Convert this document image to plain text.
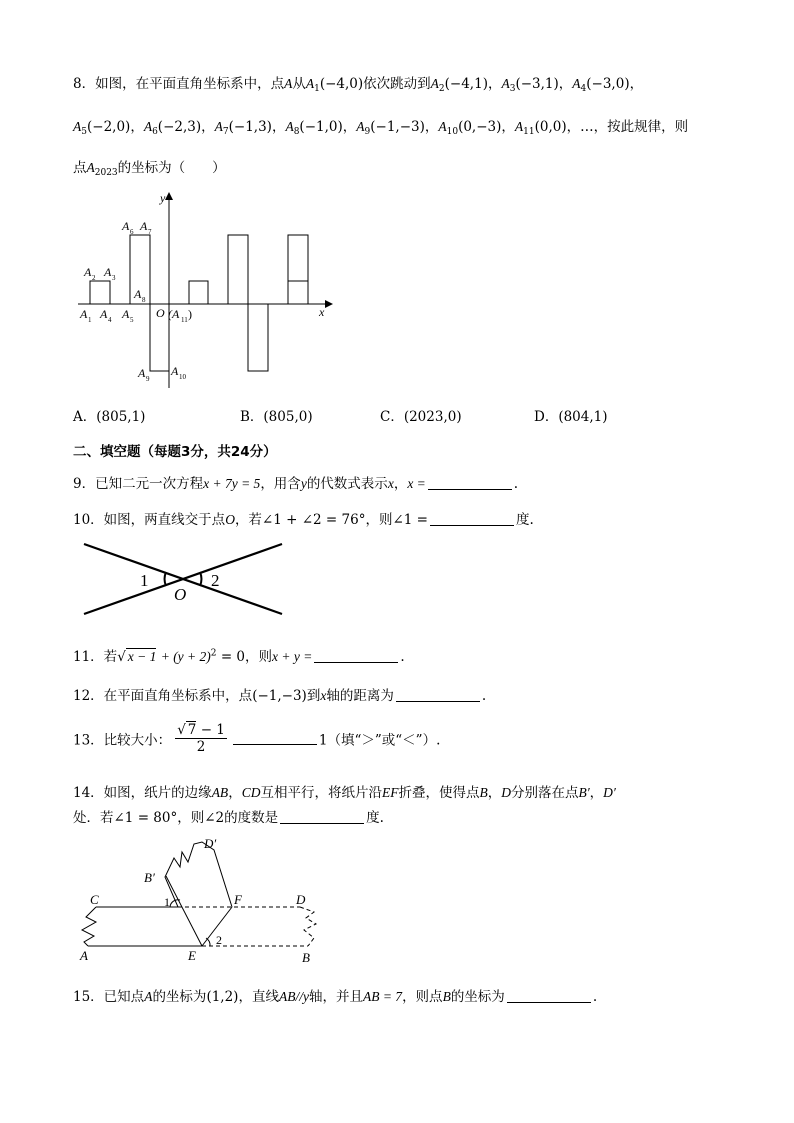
8．如图，在平面直角坐标系中，点A从$A_1(-4,0)$依次跳动到$A_2(-4,1)$，$A_3(-3,1)$，$A_4(-3,0)$，
$A_5(-2,0)$，$A_6(-2,3)$，$A_7(-1,3)$，$A_8(-1,0)$，$A_9(-1,-3)$，$A_{10}(0,-3)$，$A_{11}(0,0)$，…，按此规律，则
点$A_{2023}$的坐标为（　　）
y
x
O
A 1
A 2 A 3
A 4 A 5
A 6 A 7
A 8
A 9
A 10
(A 11 )
A．(805,1)	B．(805,0)	C．(2023,0)	D．(804,1)
二、填空题（每题3分，共24分）
9．已知二元一次方程x + 7y = 5，用含y的代数式表示x，x =	.
10．如图，两直线交于点O，若∠1 + ∠2 = 76°，则∠1 =	度.
1	2
O
11．若√ $x - 1 + (y + 2)^2 = 0$，则x + y =	.
12．在平面直角坐标系中，点(−1,−3)到x轴的距离为	.
13．比较大小： $\frac{√ 7 - 1}{2}$	1（填“＞”或“＜”）.
14．如图，纸片的边缘AB，CD互相平行，将纸片沿EF折叠，使得点B，D分别落在点B′，D′
处．若∠1 = 80°，则∠2的度数是	度.
C
A	E
F	D
B
B′
D′
1
2
15．已知点A的坐标为(1,2)，直线AB//y轴，并且AB = 7，则点B的坐标为	.
